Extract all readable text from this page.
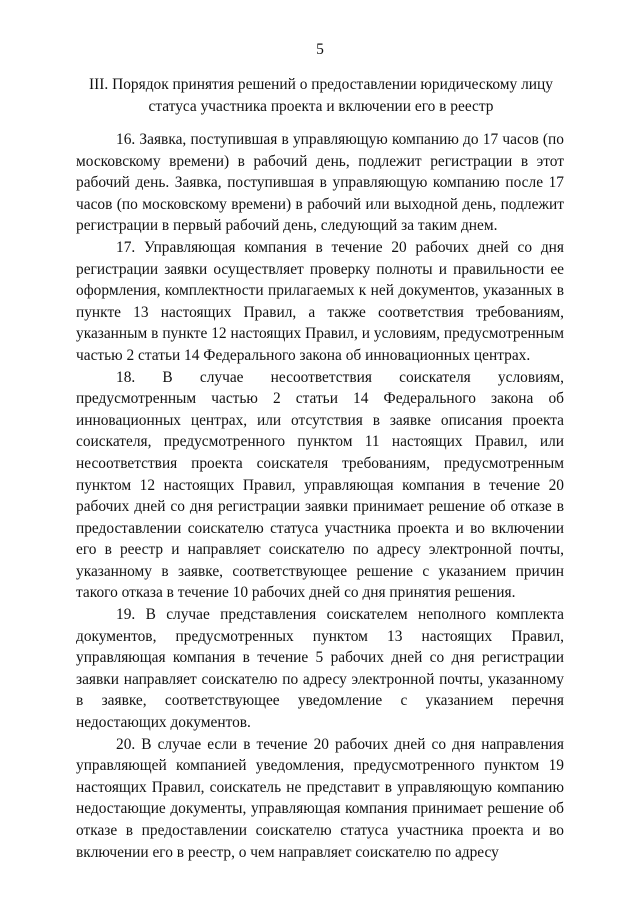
5
III. Порядок принятия решений о предоставлении юридическому лицу статуса участника проекта и включении его в реестр

16. Заявка, поступившая в управляющую компанию до 17 часов (по московскому времени) в рабочий день, подлежит регистрации в этот рабочий день. Заявка, поступившая в управляющую компанию после 17 часов (по московскому времени) в рабочий или выходной день, подлежит регистрации в первый рабочий день, следующий за таким днем.

17. Управляющая компания в течение 20 рабочих дней со дня регистрации заявки осуществляет проверку полноты и правильности ее оформления, комплектности прилагаемых к ней документов, указанных в пункте 13 настоящих Правил, а также соответствия требованиям, указанным в пункте 12 настоящих Правил, и условиям, предусмотренным частью 2 статьи 14 Федерального закона об инновационных центрах.

18. В случае несоответствия соискателя условиям, предусмотренным частью 2 статьи 14 Федерального закона об инновационных центрах, или отсутствия в заявке описания проекта соискателя, предусмотренного пунктом 11 настоящих Правил, или несоответствия проекта соискателя требованиям, предусмотренным пунктом 12 настоящих Правил, управляющая компания в течение 20 рабочих дней со дня регистрации заявки принимает решение об отказе в предоставлении соискателю статуса участника проекта и во включении его в реестр и направляет соискателю по адресу электронной почты, указанному в заявке, соответствующее решение с указанием причин такого отказа в течение 10 рабочих дней со дня принятия решения.

19. В случае представления соискателем неполного комплекта документов, предусмотренных пунктом 13 настоящих Правил, управляющая компания в течение 5 рабочих дней со дня регистрации заявки направляет соискателю по адресу электронной почты, указанному в заявке, соответствующее уведомление с указанием перечня недостающих документов.

20. В случае если в течение 20 рабочих дней со дня направления управляющей компанией уведомления, предусмотренного пунктом 19 настоящих Правил, соискатель не представит в управляющую компанию недостающие документы, управляющая компания принимает решение об отказе в предоставлении соискателю статуса участника проекта и во включении его в реестр, о чем направляет соискателю по адресу
